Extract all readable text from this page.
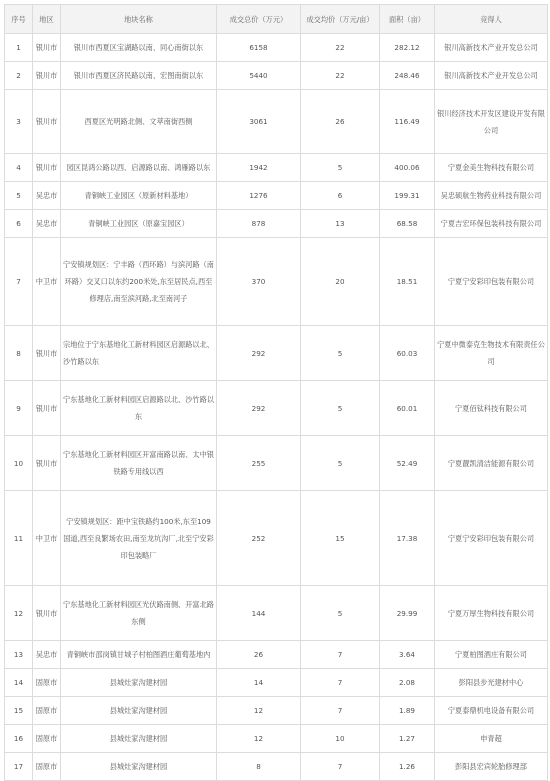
序号	地区	地块名称	成交总价（万元）	成交均价（万元/亩）	面积（亩）	竞得人
1	银川市	银川市西夏区宝湖路以南、同心南街以东	6158	22	282.12	银川高新技术产业开发总公司
2	银川市	银川市西夏区济民路以南、宏图南街以东	5440	22	248.46	银川高新技术产业开发总公司
3	银川市	西夏区光明路北侧、文萃南街西侧	3061	26	116.49	银川经济技术开发区建设开发有限公司
4	银川市	园区昆鸿公路以西、启源路以南、鸿雁路以东	1942	5	400.06	宁夏金美生物科技有限公司
5	吴忠市	青铜峡工业园区（原新材料基地）	1276	6	199.31	吴忠硕航生物药业科技有限公司
6	吴忠市	青铜峡工业园区（原嘉宝园区）	878	13	68.58	宁夏吉宏环保包装科技有限公司
7	中卫市	宁安镇规划区：宁丰路（西环路）与滨河路（南环路）交叉口以东约200米处,东至居民点,西至修理店,南至滨河路,北至南河子	370	20	18.51	宁夏宁安彩印包装有限公司
8	银川市	宗地位于宁东基地化工新材料园区启源路以北、沙竹路以东	292	5	60.03	宁夏中微泰克生物技术有限责任公司
9	银川市	宁东基地化工新材料园区启源路以北、沙竹路以东	292	5	60.01	宁夏佰钛科技有限公司
10	银川市	宁东基地化工新材料园区开富南路以南、太中银铁路专用线以西	255	5	52.49	宁夏靓凯清洁能源有限公司
11	中卫市	宁安镇规划区：距中宝铁路约100米,东至109国道,西至良繁场农田,南至龙坑沟厂,北至宁安彩印包装略厂	252	15	17.38	宁夏宁安彩印包装有限公司
12	银川市	宁东基地化工新材料园区光伏路南侧、开富北路东侧	144	5	29.99	宁夏万厚生物科技有限公司
13	吴忠市	青铜峡市邵岗镇甘城子村柏图酒庄葡萄基地内	26	7	3.64	宁夏柏图酒庄有限公司
14	固原市	县城灶家沟建材园	14	7	2.08	彭阳县步光建材中心
15	固原市	县城灶家沟建材园	12	7	1.89	宁夏泰鼎机电设备有限公司
16	固原市	县城灶家沟建材园	12	10	1.27	申青超
17	固原市	县城灶家沟建材园	8	7	1.26	彭阳县宏宾轮胎修理部
